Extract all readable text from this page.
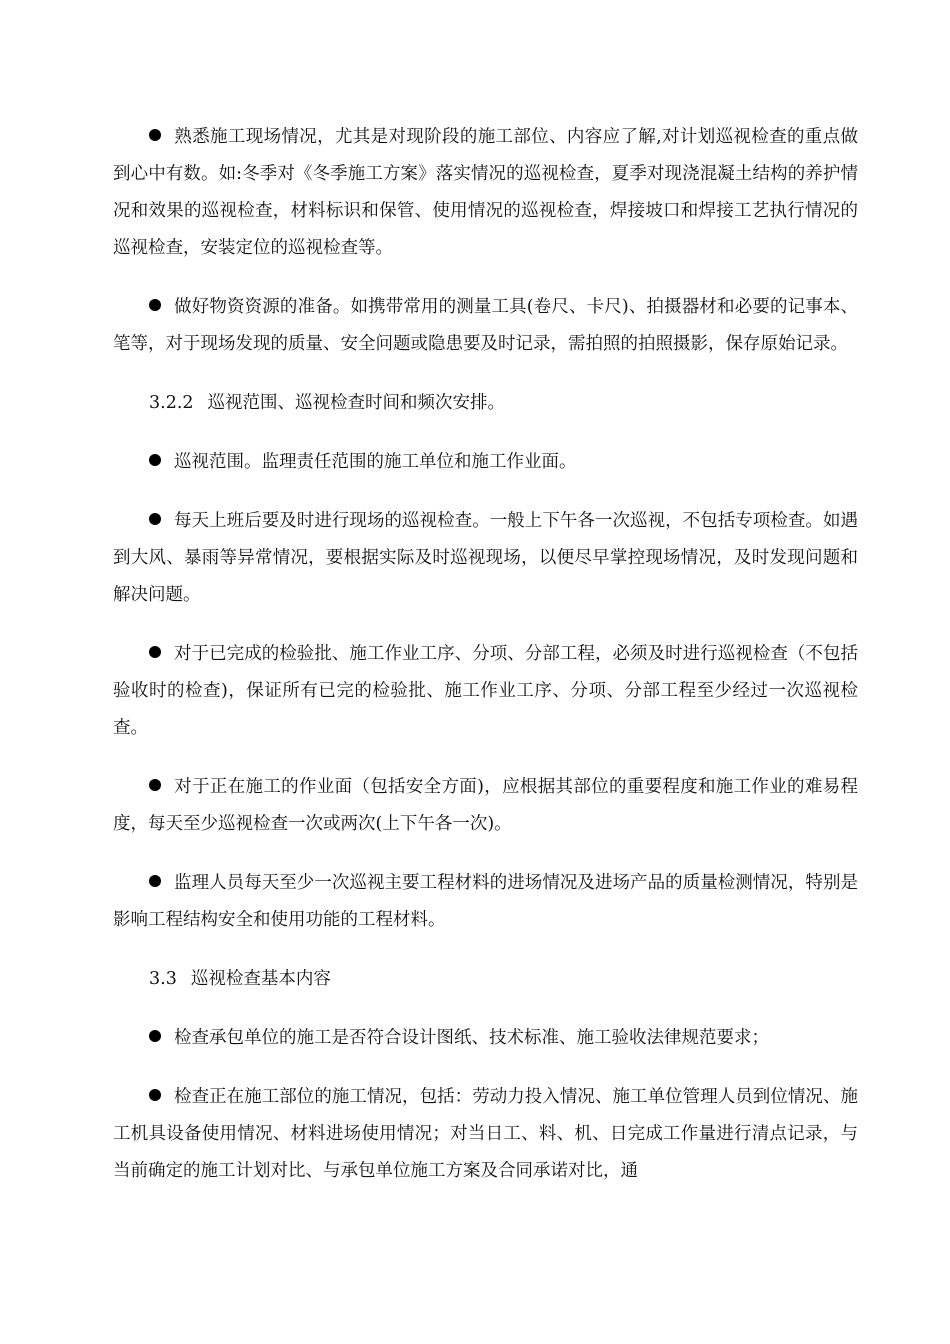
熟悉施工现场情况，尤其是对现阶段的施工部位、内容应了解,对计划巡视检查的重点做到心中有数。如:冬季对《冬季施工方案》落实情况的巡视检查，夏季对现浇混凝土结构的养护情况和效果的巡视检查，材料标识和保管、使用情况的巡视检查，焊接坡口和焊接工艺执行情况的巡视检查，安装定位的巡视检查等。

做好物资资源的准备。如携带常用的测量工具(卷尺、卡尺)、拍摄器材和必要的记事本、笔等，对于现场发现的质量、安全问题或隐患要及时记录，需拍照的拍照摄影，保存原始记录。

3.2.2 巡视范围、巡视检查时间和频次安排。

巡视范围。监理责任范围的施工单位和施工作业面。

每天上班后要及时进行现场的巡视检查。一般上下午各一次巡视，不包括专项检查。如遇到大风、暴雨等异常情况，要根据实际及时巡视现场，以便尽早掌控现场情况，及时发现问题和解决问题。

对于已完成的检验批、施工作业工序、分项、分部工程，必须及时进行巡视检查（不包括验收时的检查)，保证所有已完的检验批、施工作业工序、分项、分部工程至少经过一次巡视检查。

对于正在施工的作业面（包括安全方面)，应根据其部位的重要程度和施工作业的难易程度，每天至少巡视检查一次或两次(上下午各一次)。

监理人员每天至少一次巡视主要工程材料的进场情况及进场产品的质量检测情况，特别是影响工程结构安全和使用功能的工程材料。

3.3 巡视检查基本内容

检查承包单位的施工是否符合设计图纸、技术标准、施工验收法律规范要求；

检查正在施工部位的施工情况，包括：劳动力投入情况、施工单位管理人员到位情况、施工机具设备使用情况、材料进场使用情况；对当日工、料、机、日完成工作量进行清点记录，与当前确定的施工计划对比、与承包单位施工方案及合同承诺对比，通
